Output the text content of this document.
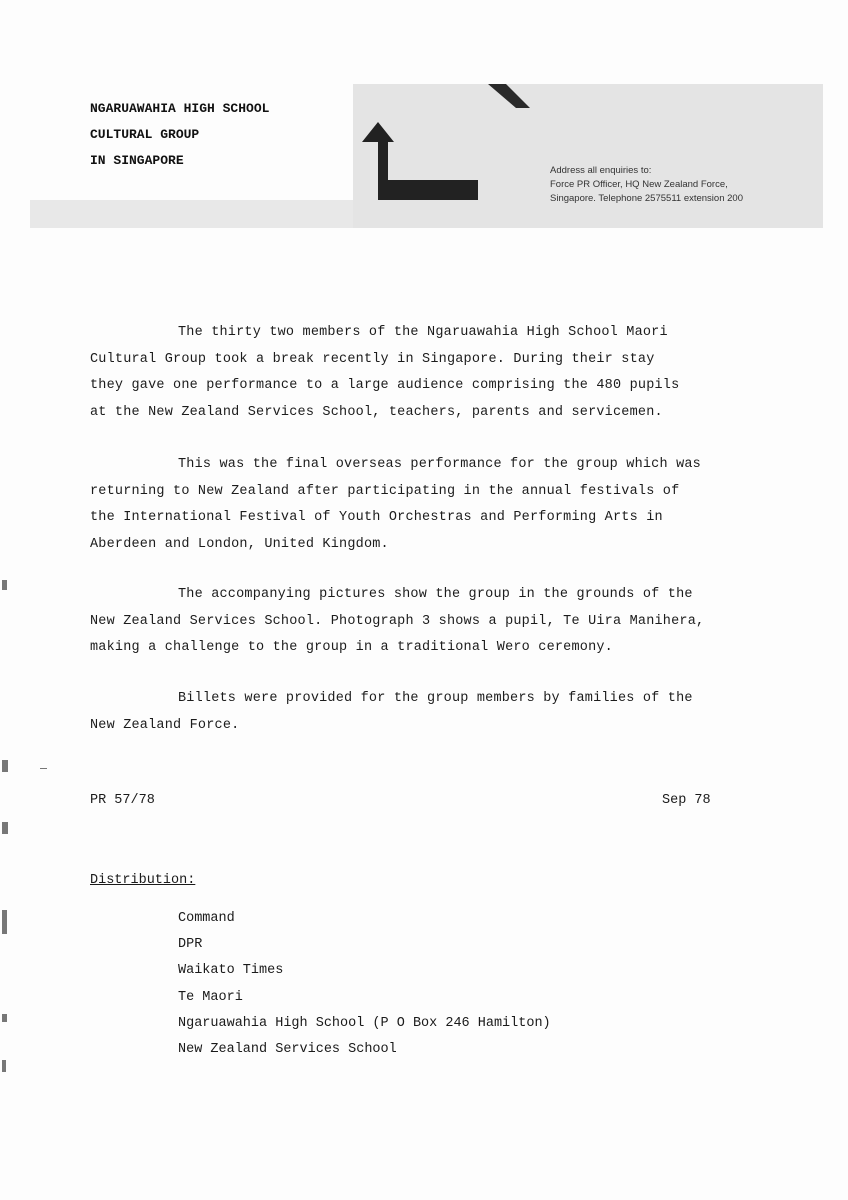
NGARUAWAHIA HIGH SCHOOL
CULTURAL GROUP
IN SINGAPORE
Address all enquiries to:
Force PR Officer, HQ New Zealand Force,
Singapore. Telephone 2575511 extension 200
The thirty two members of the Ngaruawahia High School Maori
Cultural Group took a break recently in Singapore. During their stay
they gave one performance to a large audience comprising the 480 pupils
at the New Zealand Services School, teachers, parents and servicemen.
This was the final overseas performance for the group which was
returning to New Zealand after participating in the annual festivals of
the International Festival of Youth Orchestras and Performing Arts in
Aberdeen and London, United Kingdom.
The accompanying pictures show the group in the grounds of the
New Zealand Services School. Photograph 3 shows a pupil, Te Uira Manihera,
making a challenge to the group in a traditional Wero ceremony.
Billets were provided for the group members by families of the
New Zealand Force.
PR 57/78	Sep 78
Distribution:
Command
DPR
Waikato Times
Te Maori
Ngaruawahia High School (P O Box 246 Hamilton)
New Zealand Services School
